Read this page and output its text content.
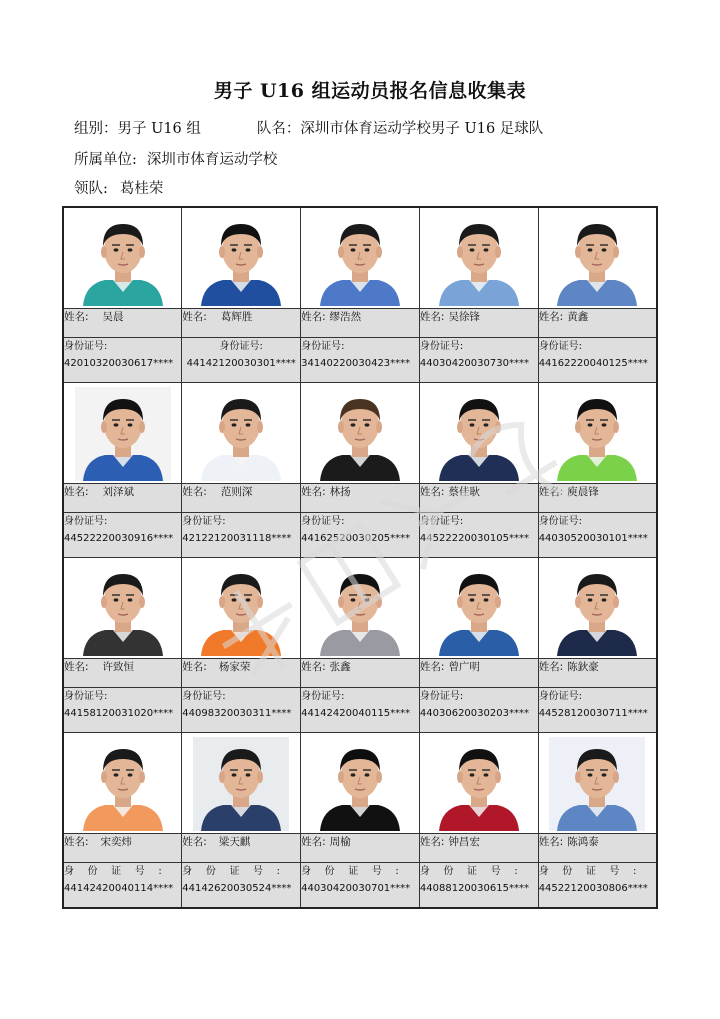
男子 U16 组运动员报名信息收集表
组别：男子 U16 组	队名：深圳市体育运动学校男子 U16 足球队
所属单位: 深圳市体育运动学校
领队: 葛桂荣

姓名: 吴晨	姓名: 葛辉胜	姓名: 缪浩然	姓名: 吴徐锋	姓名: 黄鑫

身份证号:
42010320030617****	身份证号:
44142120030301****	身份证号:
34140220030423****	身份证号:
44030420030730****	身份证号:
44162220040125****

姓名: 刘泽斌	姓名: 范则深	姓名: 林扬	姓名: 蔡佳耿	姓名: 庾晨锋

身份证号:
44522220030916****	身份证号:
42122120031118****	身份证号:
44162520030205****	身份证号:
44522220030105****	身份证号:
44030520030101****

姓名: 许致恒	姓名: 杨家荣	姓名: 张鑫	姓名: 曾广明	姓名: 陈鈥豪

身份证号:
44158120031020****	身份证号:
44098320030311****	身份证号:
44142420040115****	身份证号:
44030620030203****	身份证号:
44528120030711****

姓名: 宋奕炜	姓名: 梁天麒	姓名: 周榆	姓名: 钟昌宏	姓名: 陈鸿泰

身 份 证 号 :
44142420040114****	身 份 证 号 :
44142620030524****	身 份 证 号 :
44030420030701****	身 份 证 号 :
44088120030615****	身 份 证 号 :
44522120030806****
